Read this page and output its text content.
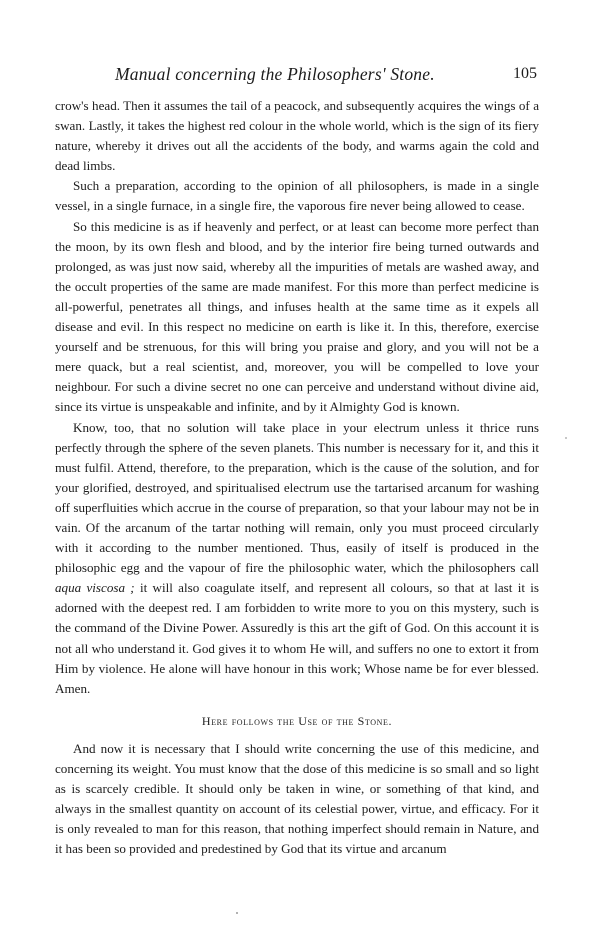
Manual concerning the Philosophers' Stone.	105

crow's head. Then it assumes the tail of a peacock, and subsequently acquires the wings of a swan. Lastly, it takes the highest red colour in the whole world, which is the sign of its fiery nature, whereby it drives out all the accidents of the body, and warms again the cold and dead limbs.

Such a preparation, according to the opinion of all philosophers, is made in a single vessel, in a single furnace, in a single fire, the vaporous fire never being allowed to cease.

So this medicine is as if heavenly and perfect, or at least can become more perfect than the moon, by its own flesh and blood, and by the interior fire being turned outwards and prolonged, as was just now said, whereby all the impurities of metals are washed away, and the occult properties of the same are made manifest. For this more than perfect medicine is all-powerful, penetrates all things, and infuses health at the same time as it expels all disease and evil. In this respect no medicine on earth is like it. In this, therefore, exercise yourself and be strenuous, for this will bring you praise and glory, and you will not be a mere quack, but a real scientist, and, moreover, you will be compelled to love your neighbour. For such a divine secret no one can perceive and understand without divine aid, since its virtue is unspeakable and infinite, and by it Almighty God is known.

Know, too, that no solution will take place in your electrum unless it thrice runs perfectly through the sphere of the seven planets. This number is necessary for it, and this it must fulfil. Attend, therefore, to the preparation, which is the cause of the solution, and for your glorified, destroyed, and spiritualised electrum use the tartarised arcanum for washing off superfluities which accrue in the course of preparation, so that your labour may not be in vain. Of the arcanum of the tartar nothing will remain, only you must proceed circularly with it according to the number mentioned. Thus, easily of itself is produced in the philosophic egg and the vapour of fire the philosophic water, which the philosophers call aqua viscosa ; it will also coagulate itself, and represent all colours, so that at last it is adorned with the deepest red. I am forbidden to write more to you on this mystery, such is the command of the Divine Power. Assuredly is this art the gift of God. On this account it is not all who understand it. God gives it to whom He will, and suffers no one to extort it from Him by violence. He alone will have honour in this work; Whose name be for ever blessed. Amen.

Here follows the Use of the Stone.

And now it is necessary that I should write concerning the use of this medicine, and concerning its weight. You must know that the dose of this medicine is so small and so light as is scarcely credible. It should only be taken in wine, or something of that kind, and always in the smallest quantity on account of its celestial power, virtue, and efficacy. For it is only revealed to man for this reason, that nothing imperfect should remain in Nature, and it has been so provided and predestined by God that its virtue and arcanum
